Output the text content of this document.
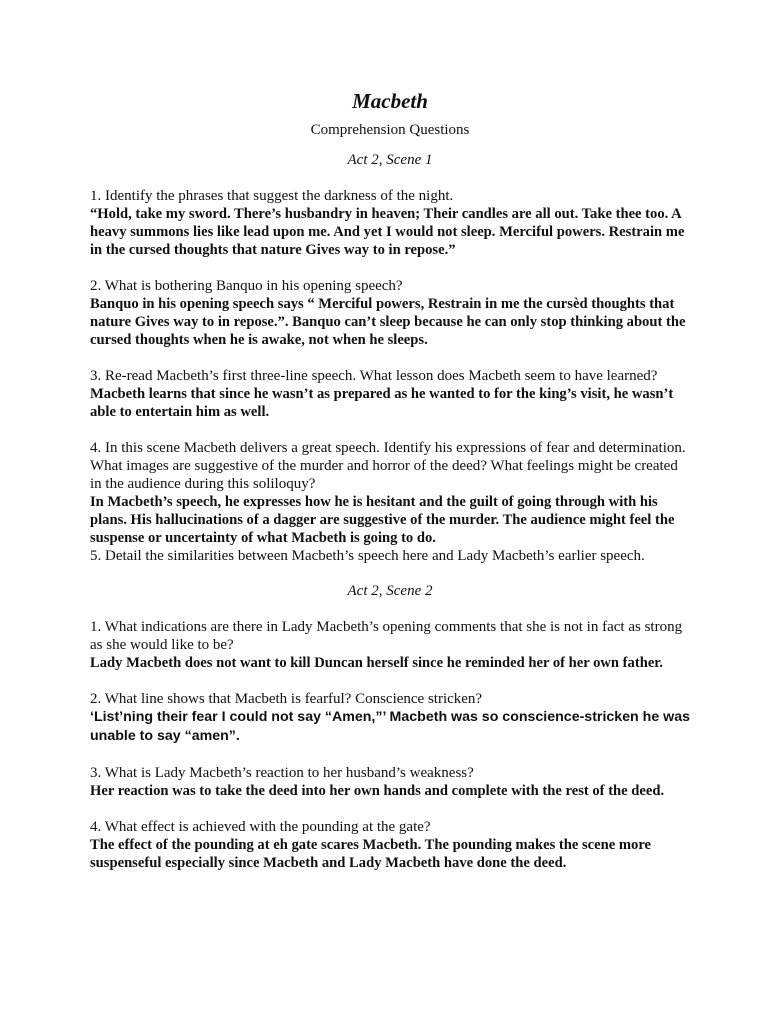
Macbeth

Comprehension Questions

Act 2, Scene 1

1. Identify the phrases that suggest the darkness of the night.

“Hold, take my sword. There’s husbandry in heaven; Their candles are all out. Take thee too. A heavy summons lies like lead upon me. And yet I would not sleep. Merciful powers. Restrain me in the cursed thoughts that nature Gives way to in repose.”

2. What is bothering Banquo in his opening speech?

Banquo in his opening speech says “ Merciful powers, Restrain in me the cursèd thoughts that nature Gives way to in repose.”. Banquo can’t sleep because he can only stop thinking about the cursed thoughts when he is awake, not when he sleeps.

3. Re-read Macbeth’s first three-line speech. What lesson does Macbeth seem to have learned?

Macbeth learns that since he wasn’t as prepared as he wanted to for the king’s visit, he wasn’t able to entertain him as well.

4. In this scene Macbeth delivers a great speech. Identify his expressions of fear and determination. What images are suggestive of the murder and horror of the deed? What feelings might be created in the audience during this soliloquy?

In Macbeth’s speech, he expresses how he is hesitant and the guilt of going through with his plans. His hallucinations of a dagger are suggestive of the murder. The audience might feel the suspense or uncertainty of what Macbeth is going to do.

5. Detail the similarities between Macbeth’s speech here and Lady Macbeth’s earlier speech.

Act 2, Scene 2

1. What indications are there in Lady Macbeth’s opening comments that she is not in fact as strong as she would like to be?

Lady Macbeth does not want to kill Duncan herself since he reminded her of her own father.

2. What line shows that Macbeth is fearful? Conscience stricken?

‘List’ning their fear I could not say “Amen,”’ Macbeth was so conscience-stricken he was unable to say “amen”.

3. What is Lady Macbeth’s reaction to her husband’s weakness?

Her reaction was to take the deed into her own hands and complete with the rest of the deed.

4. What effect is achieved with the pounding at the gate?

The effect of the pounding at eh gate scares Macbeth. The pounding makes the scene more suspenseful especially since Macbeth and Lady Macbeth have done the deed.
